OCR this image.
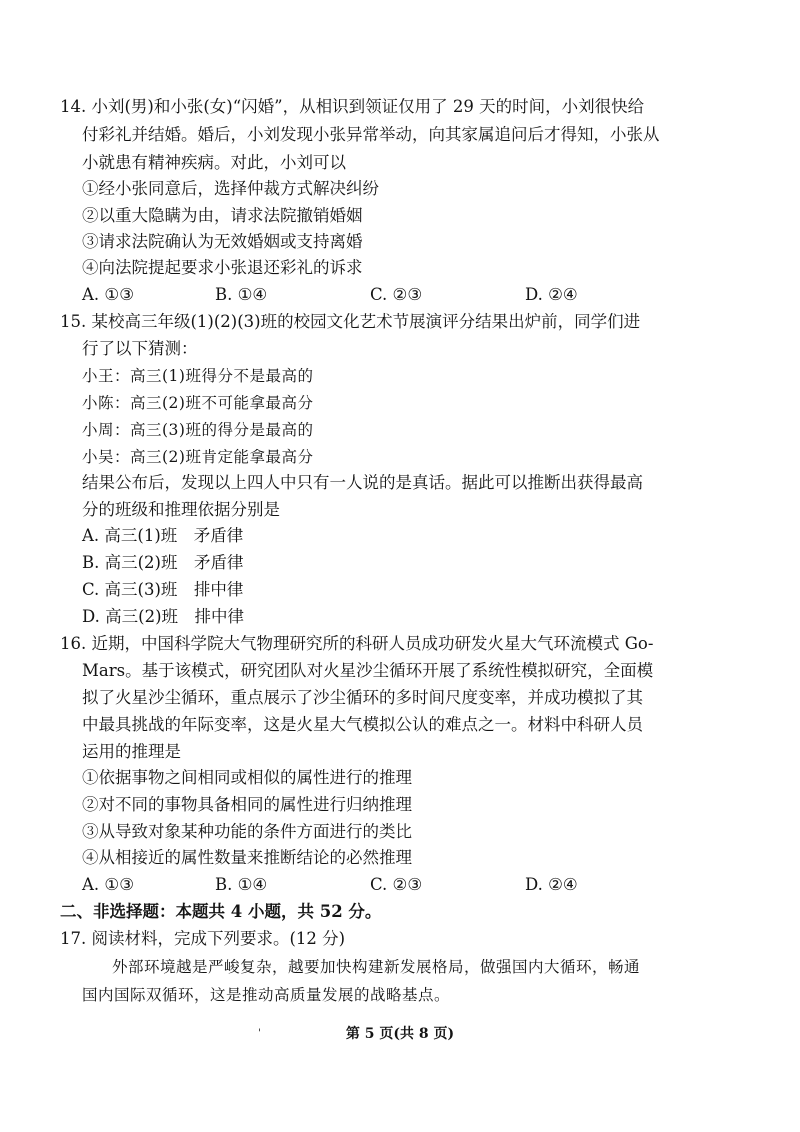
14. 小刘(男)和小张(女)“闪婚”，从相识到领证仅用了 29 天的时间，小刘很快给
付彩礼并结婚。婚后，小刘发现小张异常举动，向其家属追问后才得知，小张从
小就患有精神疾病。对此，小刘可以
①经小张同意后，选择仲裁方式解决纠纷
②以重大隐瞒为由，请求法院撤销婚姻
③请求法院确认为无效婚姻或支持离婚
④向法院提起要求小张退还彩礼的诉求
A. ①③	B. ①④	C. ②③	D. ②④
15. 某校高三年级(1)(2)(3)班的校园文化艺术节展演评分结果出炉前，同学们进
行了以下猜测：
小王：高三(1)班得分不是最高的
小陈：高三(2)班不可能拿最高分
小周：高三(3)班的得分是最高的
小吴：高三(2)班肯定能拿最高分
结果公布后，发现以上四人中只有一人说的是真话。据此可以推断出获得最高
分的班级和推理依据分别是
A. 高三(1)班　矛盾律
B. 高三(2)班　矛盾律
C. 高三(3)班　排中律
D. 高三(2)班　排中律
16. 近期，中国科学院大气物理研究所的科研人员成功研发火星大气环流模式 Go-
Mars。基于该模式，研究团队对火星沙尘循环开展了系统性模拟研究，全面模
拟了火星沙尘循环，重点展示了沙尘循环的多时间尺度变率，并成功模拟了其
中最具挑战的年际变率，这是火星大气模拟公认的难点之一。材料中科研人员
运用的推理是
①依据事物之间相同或相似的属性进行的推理
②对不同的事物具备相同的属性进行归纳推理
③从导致对象某种功能的条件方面进行的类比
④从相接近的属性数量来推断结论的必然推理
A. ①③	B. ①④	C. ②③	D. ②④
二、非选择题：本题共 4 小题，共 52 分。
17. 阅读材料，完成下列要求。(12 分)
外部环境越是严峻复杂，越要加快构建新发展格局，做强国内大循环，畅通
国内国际双循环，这是推动高质量发展的战略基点。
'	第 5 页(共 8 页)
